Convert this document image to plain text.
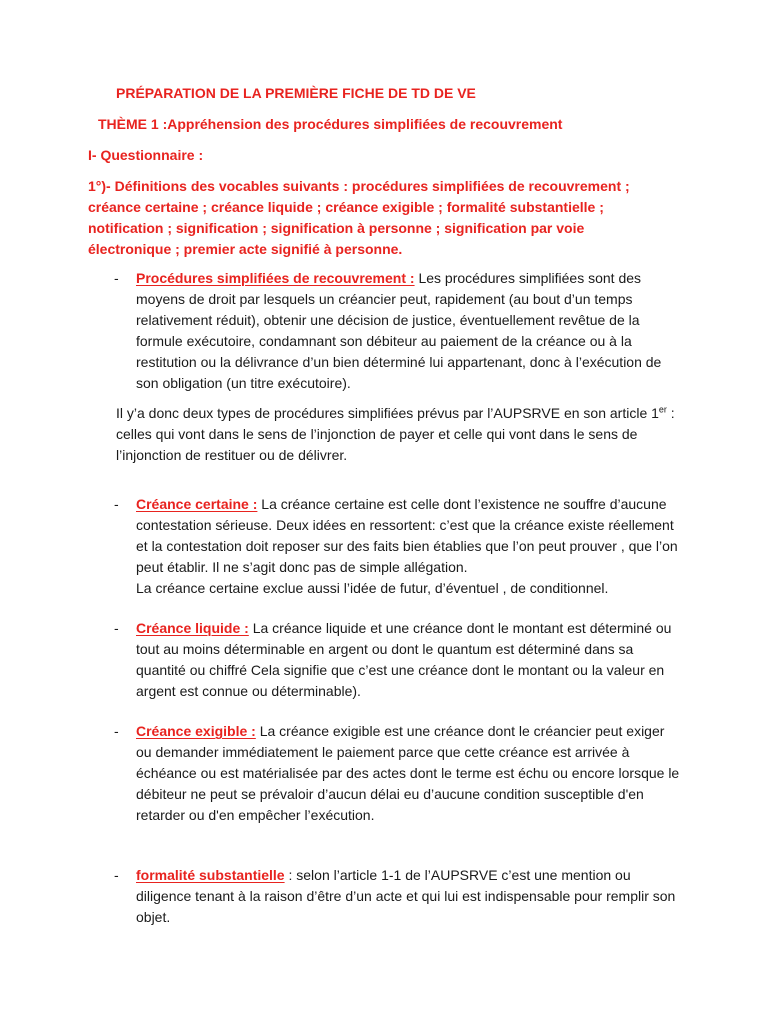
PRÉPARATION DE LA PREMIÈRE FICHE DE TD DE VE

THÈME 1 :Appréhension des procédures simplifiées de recouvrement

I- Questionnaire :

1°)- Définitions des vocables suivants : procédures simplifiées de recouvrement ; créance certaine ; créance liquide ; créance exigible ; formalité substantielle ; notification ; signification ; signification à personne ; signification par voie électronique ; premier acte signifié à personne.

- Procédures simplifiées de recouvrement : Les procédures simplifiées sont des moyens de droit par lesquels un créancier peut, rapidement (au bout d’un temps relativement réduit), obtenir une décision de justice, éventuellement revêtue de la formule exécutoire, condamnant son débiteur au paiement de la créance ou à la restitution ou la délivrance d’un bien déterminé lui appartenant, donc à l’exécution de son obligation (un titre exécutoire).
Il y’a donc deux types de procédures simplifiées prévus par l’AUPSRVE en son article 1er : celles qui vont dans le sens de l’injonction de payer et celle qui vont dans le sens de l’injonction de restituer ou de délivrer.
- Créance certaine : La créance certaine est celle dont l’existence ne souffre d’aucune contestation sérieuse. Deux idées en ressortent: c’est que la créance existe réellement et la contestation doit reposer sur des faits bien établies que l’on peut prouver , que l’on peut établir. Il ne s’agit donc pas de simple allégation.
La créance certaine exclue aussi l’idée de futur, d’éventuel , de conditionnel.
- Créance liquide : La créance liquide et une créance dont le montant est déterminé ou tout au moins déterminable en argent ou dont le quantum est déterminé dans sa quantité ou chiffré Cela signifie que c’est une créance dont le montant ou la valeur en argent est connue ou déterminable).
- Créance exigible : La créance exigible est une créance dont le créancier peut exiger ou demander immédiatement le paiement parce que cette créance est arrivée à échéance ou est matérialisée par des actes dont le terme est échu ou encore lorsque le débiteur ne peut se prévaloir d’aucun délai eu d’aucune condition susceptible d'en retarder ou d'en empêcher l’exécution.
- formalité substantielle : selon l’article 1-1 de l’AUPSRVE c’est une mention ou diligence tenant à la raison d’être d’un acte et qui lui est indispensable pour remplir son objet.
